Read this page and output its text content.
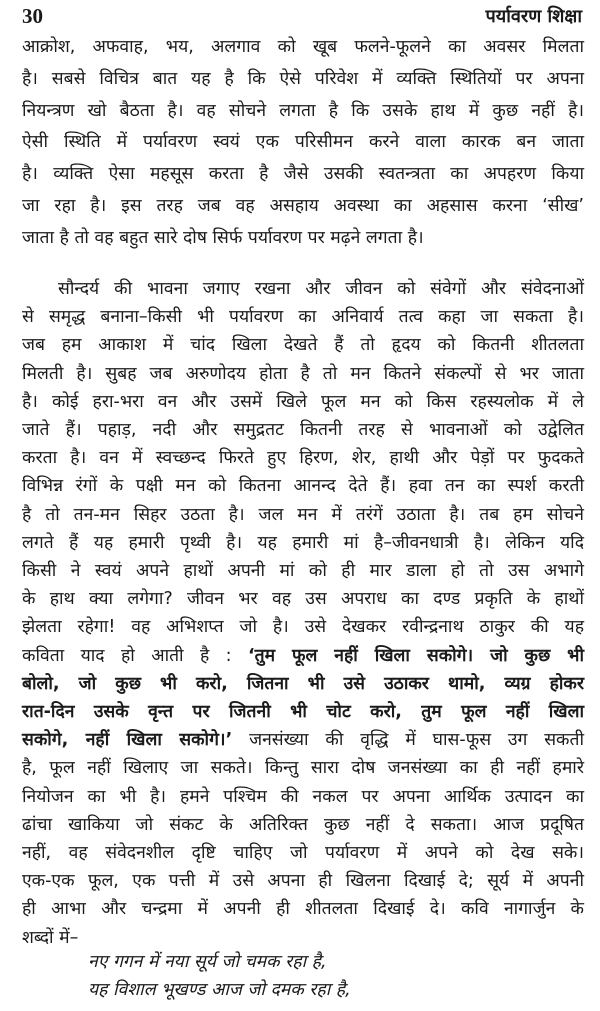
30	पर्यावरण शिक्षा
आक्रोश, अफवाह, भय, अलगाव को खूब फलने-फूलने का अवसर मिलता
है। सबसे विचित्र बात यह है कि ऐसे परिवेश में व्यक्ति स्थितियों पर अपना
नियन्त्रण खो बैठता है। वह सोचने लगता है कि उसके हाथ में कुछ नहीं है।
ऐसी स्थिति में पर्यावरण स्वयं एक परिसीमन करने वाला कारक बन जाता
है। व्यक्ति ऐसा महसूस करता है जैसे उसकी स्वतन्त्रता का अपहरण किया
जा रहा है। इस तरह जब वह असहाय अवस्था का अहसास करना ‘सीख’
जाता है तो वह बहुत सारे दोष सिर्फ पर्यावरण पर मढ़ने लगता है।
सौन्दर्य की भावना जगाए रखना और जीवन को संवेगों और संवेदनाओं
से समृद्ध बनाना–किसी भी पर्यावरण का अनिवार्य तत्व कहा जा सकता है।
जब हम आकाश में चांद खिला देखते हैं तो हृदय को कितनी शीतलता
मिलती है। सुबह जब अरुणोदय होता है तो मन कितने संकल्पों से भर जाता
है। कोई हरा-भरा वन और उसमें खिले फूल मन को किस रहस्यलोक में ले
जाते हैं। पहाड़, नदी और समुद्रतट कितनी तरह से भावनाओं को उद्वेलित
करता है। वन में स्वच्छन्द फिरते हुए हिरण, शेर, हाथी और पेड़ों पर फुदकते
विभिन्न रंगों के पक्षी मन को कितना आनन्द देते हैं। हवा तन का स्पर्श करती
है तो तन-मन सिहर उठता है। जल मन में तरंगें उठाता है। तब हम सोचने
लगते हैं यह हमारी पृथ्वी है। यह हमारी मां है–जीवनधात्री है। लेकिन यदि
किसी ने स्वयं अपने हाथों अपनी मां को ही मार डाला हो तो उस अभागे
के हाथ क्या लगेगा? जीवन भर वह उस अपराध का दण्ड प्रकृति के हाथों
झेलता रहेगा! वह अभिशप्त जो है। उसे देखकर रवीन्द्रनाथ ठाकुर की यह
कविता याद हो आती है : ‘तुम फूल नहीं खिला सकोगे। जो कुछ भी
बोलो, जो कुछ भी करो, जितना भी उसे उठाकर थामो, व्यग्र होकर
रात-दिन उसके वृन्त पर जितनी भी चोट करो, तुम फूल नहीं खिला
सकोगे, नहीं खिला सकोगे।’ जनसंख्या की वृद्धि में घास-फूस उग सकती
है, फूल नहीं खिलाए जा सकते। किन्तु सारा दोष जनसंख्या का ही नहीं हमारे
नियोजन का भी है। हमने पश्चिम की नकल पर अपना आर्थिक उत्पादन का
ढांचा खाकिया जो संकट के अतिरिक्त कुछ नहीं दे सकता। आज प्रदूषित
नहीं, वह संवेदनशील दृष्टि चाहिए जो पर्यावरण में अपने को देख सके।
एक-एक फूल, एक पत्ती में उसे अपना ही खिलना दिखाई दे; सूर्य में अपनी
ही आभा और चन्द्रमा में अपनी ही शीतलता दिखाई दे। कवि नागार्जुन के
शब्दों में–
नए गगन में नया सूर्य जो चमक रहा है,
यह विशाल भूखण्ड आज जो दमक रहा है,
